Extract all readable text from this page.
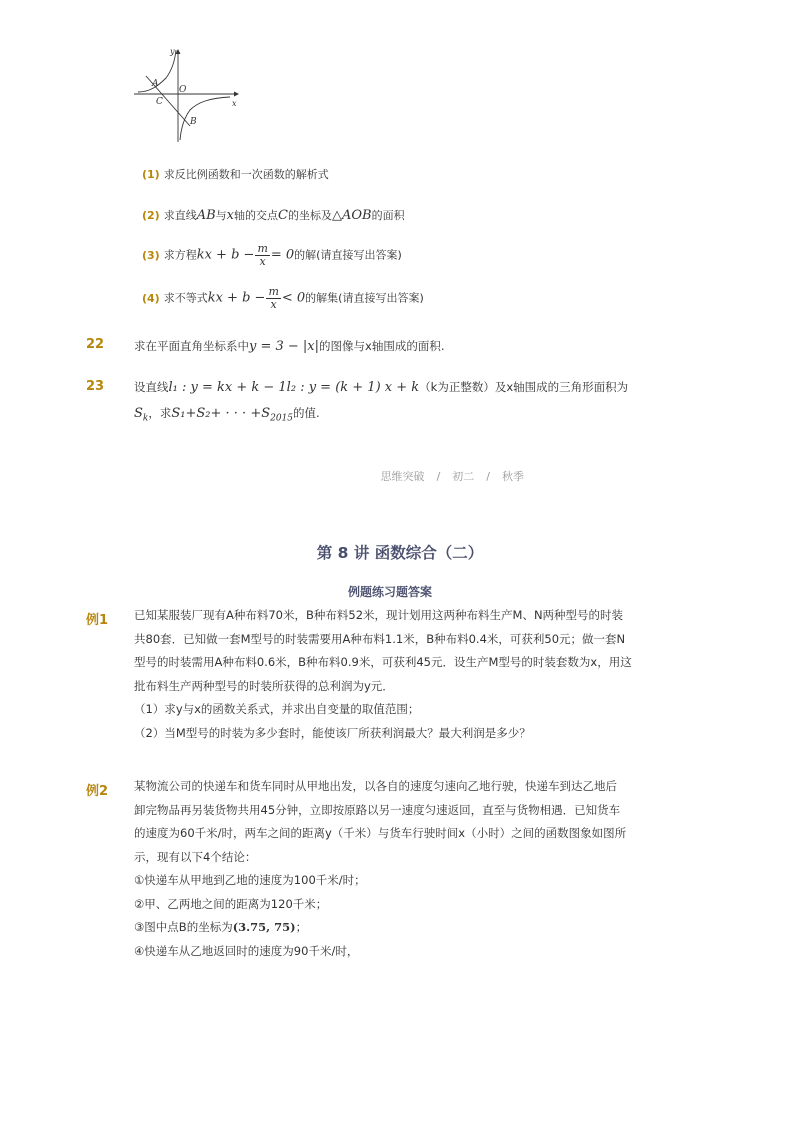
y
x
O
A
C
B
(1) 求反比例函数和一次函数的解析式
(2) 求直线AB与x轴的交点C的坐标及△AOB的面积
(3) 求方程kx + $b - \frac{m}{x} = 0$的解(请直接写出答案)
(4) 求不等式kx + $b - \frac{m}{x} < 0$的解集(请直接写出答案)
22	求在平面直角坐标系中y = 3 − |x|的图像与x轴围成的面积.
23	设直线l₁ : y = kx + k − 1l₂ : y = (k + 1) x + k（k为正整数）及x轴围成的三角形面积为
$S_k$，求S₁+S₂+ · · · $+S_{2015}$的值.
思维突破 / 初二 / 秋季
第 8 讲 函数综合（二）
例题练习题答案
例1 已知某服装厂现有A种布料70米，B种布料52米，现计划用这两种布料生产M、N两种型号的时装

共80套．已知做一套M型号的时装需要用A种布料1.1米，B种布料0.4米，可获利50元；做一套N

型号的时装需用A种布料0.6米，B种布料0.9米，可获利45元．设生产M型号的时装套数为x，用这

批布料生产两种型号的时装所获得的总利润为y元．

（1）求y与x的函数关系式，并求出自变量的取值范围；

（2）当M型号的时装为多少套时，能使该厂所获利润最大？最大利润是多少？

例2 某物流公司的快递车和货车同时从甲地出发，以各自的速度匀速向乙地行驶，快递车到达乙地后

卸完物品再另装货物共用45分钟，立即按原路以另一速度匀速返回，直至与货物相遇．已知货车

的速度为60千米/时，两车之间的距离y（千米）与货车行驶时间x（小时）之间的函数图象如图所

示，现有以下4个结论：

①快递车从甲地到乙地的速度为100千米/时；

②甲、乙两地之间的距离为120千米；

③图中点B的坐标为(3.75, 75)；

④快递车从乙地返回时的速度为90千米/时，
